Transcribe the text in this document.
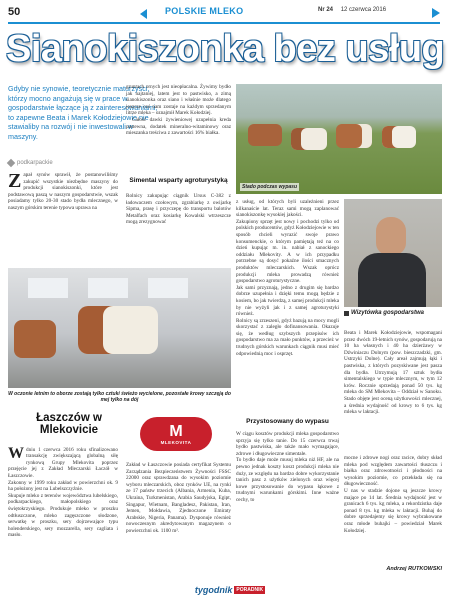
50	POLSKIE MLEKO	Nr 24 12 czerwca 2016
Sianokiszonka bez usług
Gdyby nie synowie, teoretycznie maturzyści, którzy mocno angażują się w prace w gospodarstwie łączące ją z zainteresowaniami, to zapewne Beata i Marek Kołodziejowie nie stawialiby na rozwój i nie inwestowali w maszyny.
podkarpackie
Zapał synów sprawił, że postanowiliśmy zakupić wszystkie niezbędne maszyny do produkcji sianokiszonki, które jest podstawową paszą w naszym gospodarstwie, wszak posiadamy tylko 20-30 stado bydła mlecznego, w naszym górskim terenie typowa uprawa na

gruntach ornych jest nieopłacalna. Żywimy bydło jak najtaniej, latem jest to pastwisko, a zimą sianokiszonka oraz siano i właśnie może dlatego jeszcze coś nam zostaje na każdym sprzedanym litrze mleka – oznajmił Marek Kołodziej.

Całość dawki żywieniowej uzupełnia kreda pastewna, dodatek mineralno-witaminowy oraz mieszanka treściwa z zawartości 16% białka.

Simental wsparty agroturystyką
Rolnicy zakupując ciągnik Ursus C-382 z ładowaczem czołowym, zgrabiarkę z owijarkę Sipma, prasę i przyczepę do transportu balotów Metalfach oraz kosiarkę Kowalski wtrzeszcze mogą zrezygnować
Stado podczas wypasu
z usług, od których byli uzależnieni przez kilkanaście lat. Teraz sami mogą zaplanować sianokiszonkę wysokiej jakości.
Zakupiony sprzęt jest nowy i pochodzi tylko od polskich producentów, gdyż Kołodziejowie w ten sposób chcieli wyrazić swoje prawo konsumenckie, o którym pamiętają też na co dzień kupując m. in. nabiał z sanockiego oddziału Mlekovity. A w ich przypadku potrzebne są dosyć pokaźne ilości smacznych produktów mleczarskich. Wszak oprócz produkcji mleka prowadzą również gospodarstwo agroturystyczne.
Jak sami przyznają, jedno z drugim się bardzo dobrze uzupełnia i dzięki temu mogą będzie z kosiem, bo jak twierdzą, z samej produkcji mleka by nie wyżyli jak i z samej agroturystyki również.
Rolnicy są zrzeszeni, gdyż bazują na mocy mogli skorzystać z zaległo dofinansowania. Okazuje się, że według szybszych przepisów ich gospodarstwo ma za mało punktów, a przecież w trudnych górskich warunkach ciągnik musi mieć odpowiednią moc i osprzęt.
Wizytówka gospodarstwa
Beata i Marek Kołodziejowie, wspomagani przez dwóch 19-letnich synów, gospodarują na 10 ha własnych i 40 ha dzierżawy w Dźwiniaczu Dolnym (pow. bieszczadzki, gm. Ustrzyki Dolne). Cały areał zajmują łąki i pastwiska, z których pozyskiwane jest pasza dla bydła. Utrzymują 17 sztuk bydła simentalskiego w typie mlecznym, w tym 12 krów. Rocznie sprzedają ponad 50 tys. kg mleka do SM Mlekovita – Oddział w Sanoku. Stado objęte jest oceną użytkowości mlecznej, a średnia wydajność od krowy to 6 tys. kg mleka w laktacji.
W oczonie letnim to oborze zostają tylko cztuki świeżo wycielone, pozostałe krowy szczęją do mej tylko na dój
Łaszczów w Mlekovicie	M
MLEKOVITA

Wdniu 1 czerwca 2016 roku sfinalizowano transakcję zwiększającą globalną siłę rynkową Grupy Mlekovita poprzez przejęcie jej z Zakład Mleczarski Łaczół w Łaszczowie.
Zakonny w 1999 roku zakład w powierzchni ok. 9 ha położony jest na Lubelszczyźnie.
Skupuje mleko z terenów województwa lubelskiego, podkarpackiego, małopolskiego oraz świętokrzyskiego. Produkuje mleko w proszku odtłuszczone, mleko zagęszczone słodzone, serwatkę w proszku, sery dojrzewające typu holenderskiego, sery mozzarella, sery cagliata i masło.

Zakład w Łaszczowie posiada certyfikat Systemu Zarządzania Bezpieczeństwem Żywności FSSC 22000 oraz sprawdzana do wysokim poziomie wyboru mleczarskich, oboz rynków UE, na rynki ze 17 państw trzecich (Albania, Armenia, Kuba, Ukraina, Turkmenistan, Arabia Saudyjska, Egipt, Singapur, Wietnam, Bangladesz, Pakistan, Iran, Jemen, Mołdawia, Zjednoczone Emiraty Arabskie, Nigeria, Panama). Dysponuje również nowoczesnym akredytowanym magazynem o powierzchni ok. 1100 m².
Przystosowany do wypasu
W ciągu kosztów produkcji mleka gospodarstwo sprzyja się tylko tanie. Do 15 czerwca trwaj bydło pastwiska, ale także mało wymagające, zdrowe i długowieczne simentale.
To bydło daje może musuj mleka niż HF, ale na pewno jednak koszty koszt produkcji mleka nie duży, ze względu na bardzo dobre wykorzystanie tanich pasz z użytków zielonych oraz więcej kowe przystosowanie do wypasu łąkowe z trudnymi warunkami górskimi. Inne ważne cechy, to
mocne i zdrowe nogi oraz racice, dobry skład mleka pod względem zawartości tłuszczu i białka oraz zdrowotności i płodności na wysokim poziomie, co przekłada się na długowieczność.
U nas w stadzie dojone są jeszcze krowy mające po 14 lat. Średnia wydajność jest w granicach 6 tys. kg mleka, a rekordzistka daje ponad 8 tys. kg mleka w laktacji. Buhaj do dobre sprzedajemy się krowy wybrakowane oraz młode buhajki – powiedział Marek Kołodziej.
Andrzej RUTKOWSKI
tygodnik PORADNIK
